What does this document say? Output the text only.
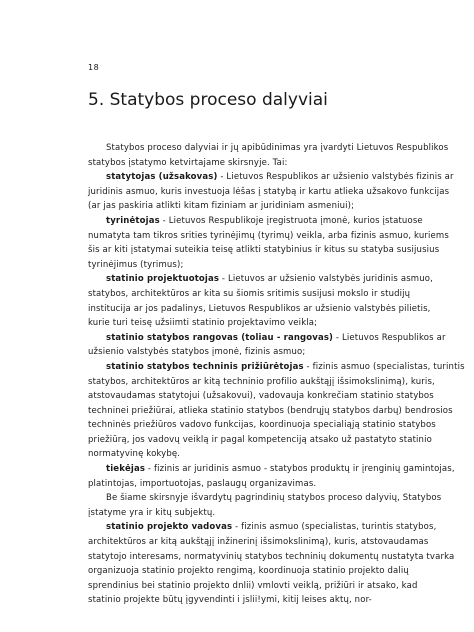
18
5. Statybos proceso dalyviai
Statybos proceso dalyviai ir jų apibūdinimas yra įvardyti Lietuvos Respublikos
statybos įstatymo ketvirtajame skirsnyje. Tai:
statytojas (užsakovas) - Lietuvos Respublikos ar užsienio valstybės fizinis ar
juridinis asmuo, kuris investuoja lėšas į statybą ir kartu atlieka užsakovo funkcijas
(ar jas paskiria atlikti kitam fiziniam ar juridiniam asmeniui);
tyrinėtojas - Lietuvos Respublikoje įregistruota įmonė, kurios įstatuose
numatyta tam tikros srities tyrinėjimų (tyrimų) veikla, arba fizinis asmuo, kuriems
šis ar kiti įstatymai suteikia teisę atlikti statybinius ir kitus su statyba susijusius
tyrinėjimus (tyrimus);
statinio projektuotojas - Lietuvos ar užsienio valstybės juridinis asmuo,
statybos, architektūros ar kita su šiomis sritimis susijusi mokslo ir studijų
institucija ar jos padalinys, Lietuvos Respublikos ar užsienio valstybės pilietis,
kurie turi teisę užsiimti statinio projektavimo veikla;
statinio statybos rangovas (toliau - rangovas) - Lietuvos Respublikos ar
užsienio valstybės statybos įmonė, fizinis asmuo;
statinio statybos techninis prižiūrėtojas - fizinis asmuo (specialistas, turintis
statybos, architektūros ar kitą techninio profilio aukštąjį išsimokslinimą), kuris,
atstovaudamas statytojui (užsakovui), vadovauja konkrečiam statinio statybos
techninei priežiūrai, atlieka statinio statybos (bendrųjų statybos darbų) bendrosios
techninės priežiūros vadovo funkcijas, koordinuoja specialiąją statinio statybos
priežiūrą, jos vadovų veiklą ir pagal kompetenciją atsako už pastatyto statinio
normatyvinę kokybę.
tiekėjas - fizinis ar juridinis asmuo - statybos produktų ir įrenginių gamintojas,
platintojas, importuotojas, paslaugų organizavimas.
Be šiame skirsnyje išvardytų pagrindinių statybos proceso dalyvių, Statybos
įstatyme yra ir kitų subjektų.
statinio projekto vadovas - fizinis asmuo (specialistas, turintis statybos,
architektūros ar kitą aukštąjį inžinerinį išsimokslinimą), kuris, atstovaudamas
statytojo interesams, normatyvinių statybos techninių dokumentų nustatyta tvarka
organizuoja statinio projekto rengimą, koordinuoja statinio projekto dalių
sprendinius bei statinio projekto dnlii) vmlovti veiklą, prižiūri ir atsako, kad
statinio projekte būtų įgyvendinti i jslii!ymi, kitij leises aktų, nor-
